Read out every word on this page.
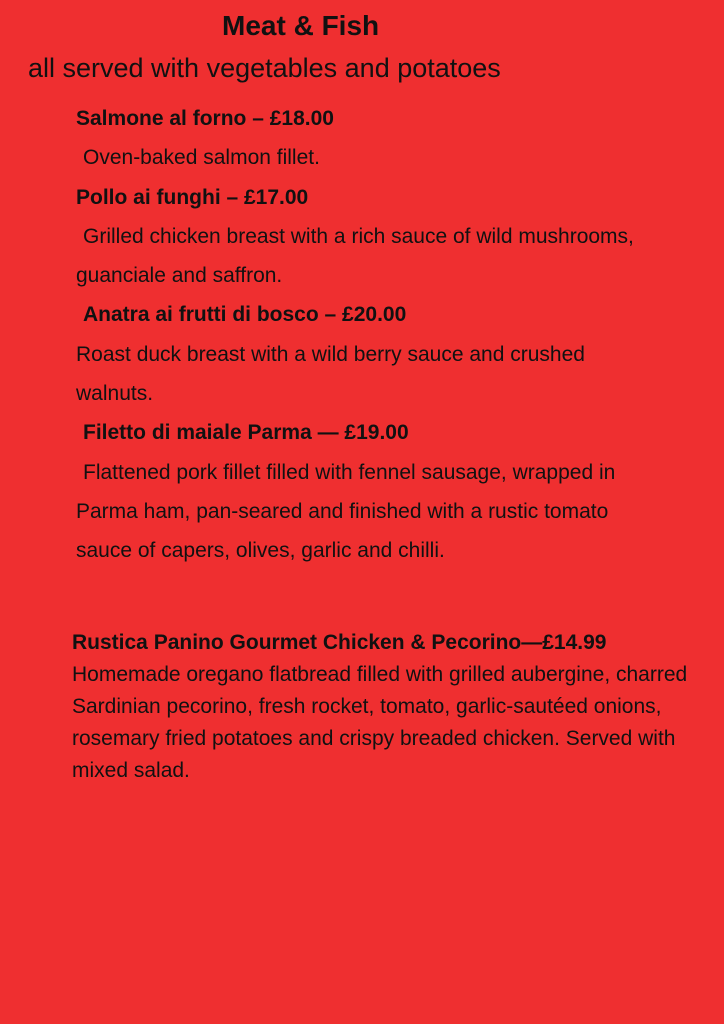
Meat & Fish
all served with vegetables and potatoes

Salmone al forno – £18.00

Oven-baked salmon fillet.

Pollo ai funghi – £17.00

Grilled chicken breast with a rich sauce of wild mushrooms, guanciale and saffron.

Anatra ai frutti di bosco – £20.00

Roast duck breast with a wild berry sauce and crushed walnuts.

Filetto di maiale Parma — £19.00

Flattened pork fillet filled with fennel sausage, wrapped in Parma ham, pan-seared and finished with a rustic tomato sauce of capers, olives, garlic and chilli.

Rustica Panino Gourmet Chicken & Pecorino—£14.99

Homemade oregano flatbread filled with grilled aubergine, charred Sardinian pecorino, fresh rocket, tomato, garlic-sautéed onions, rosemary fried potatoes and crispy breaded chicken. Served with mixed salad.
